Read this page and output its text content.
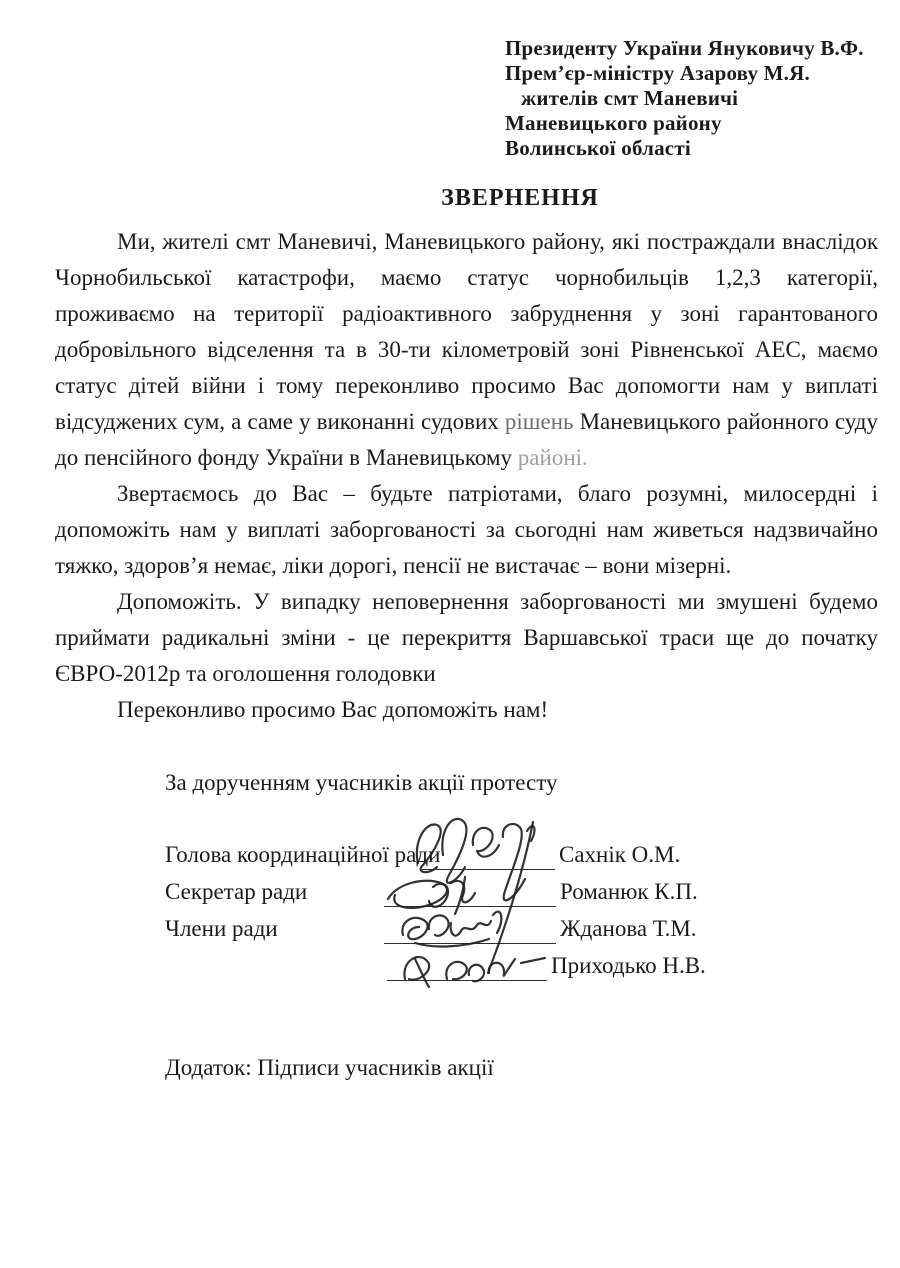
Президенту України Януковичу В.Ф.
Прем’єр-міністру Азарову М.Я.
жителів смт Маневичі
Маневицького району
Волинської області
ЗВЕРНЕННЯ

Ми, жителі смт Маневичі, Маневицького району, які постраждали внаслідок Чорнобильської катастрофи, маємо статус чорнобильців 1,2,3 категорії, проживаємо на території радіоактивного забруднення у зоні гарантованого добровільного відселення та в 30-ти кілометровій зоні Рівненської АЕС, маємо статус дітей війни і тому переконливо просимо Вас допомогти нам у виплаті відсуджених сум, а саме у виконанні судових рішень Маневицького районного суду до пенсійного фонду України в Маневицькому районі.

Звертаємось до Вас – будьте патріотами, благо розумні, милосердні і допоможіть нам у виплаті заборгованості за сьогодні нам живеться надзвичайно тяжко, здоров’я немає, ліки дорогі, пенсії не вистачає – вони мізерні.

Допоможіть. У випадку неповернення заборгованості ми змушені будемо приймати радикальні зміни - це перекриття Варшавської траси ще до початку ЄВРО-2012р та оголошення голодовки

Переконливо просимо Вас допоможіть нам!

За дорученням учасників акції протесту
Голова координаційної ради	Сахнік О.М.
Секретар ради	Романюк К.П.
Члени ради	Жданова Т.М.
Приходько Н.В.
Додаток: Підписи учасників акції
